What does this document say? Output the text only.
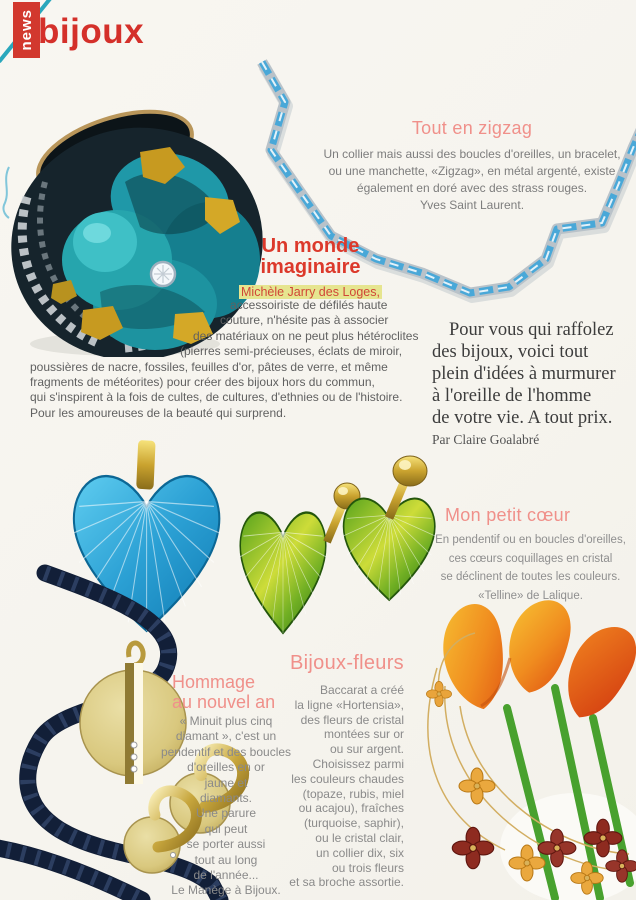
news bijoux
Tout en zigzag
Un collier mais aussi des boucles d'oreilles, un bracelet,
ou une manchette, «Zigzag», en métal argenté, existe
également en doré avec des strass rouges.
Yves Saint Laurent.
Un monde
imaginaire
Michèle Jarry des Loges,
accessoiriste de défilés haute
couture, n'hésite pas à associer
des matériaux on ne peut plus hétéroclites
(pierres semi-précieuses, éclats de miroir,
poussières de nacre, fossiles, feuilles d'or, pâtes de verre, et même
fragments de météorites) pour créer des bijoux hors du commun,
qui s'inspirent à la fois de cultes, de cultures, d'ethnies ou de l'histoire.
Pour les amoureuses de la beauté qui surprend.
Pour vous qui raffolez
des bijoux, voici tout
plein d'idées à murmurer
à l'oreille de l'homme
de votre vie. A tout prix.
Par Claire Goalabré
Mon petit cœur
En pendentif ou en boucles d'oreilles,
ces cœurs coquillages en cristal
se déclinent de toutes les couleurs.
«Telline» de Lalique.
Hommage
au nouvel an
« Minuit plus cinq
diamant », c'est un
pendentif et des boucles
d'oreilles en or
jaune et
diamants.
Une parure
qui peut
se porter aussi
tout au long
de l'année...
Le Manège à Bijoux.
Bijoux-fleurs
Baccarat a créé
la ligne «Hortensia»,
des fleurs de cristal
montées sur or
ou sur argent.
Choisissez parmi
les couleurs chaudes
(topaze, rubis, miel
ou acajou), fraîches
(turquoise, saphir),
ou le cristal clair,
un collier dix, six
ou trois fleurs
et sa broche assortie.
